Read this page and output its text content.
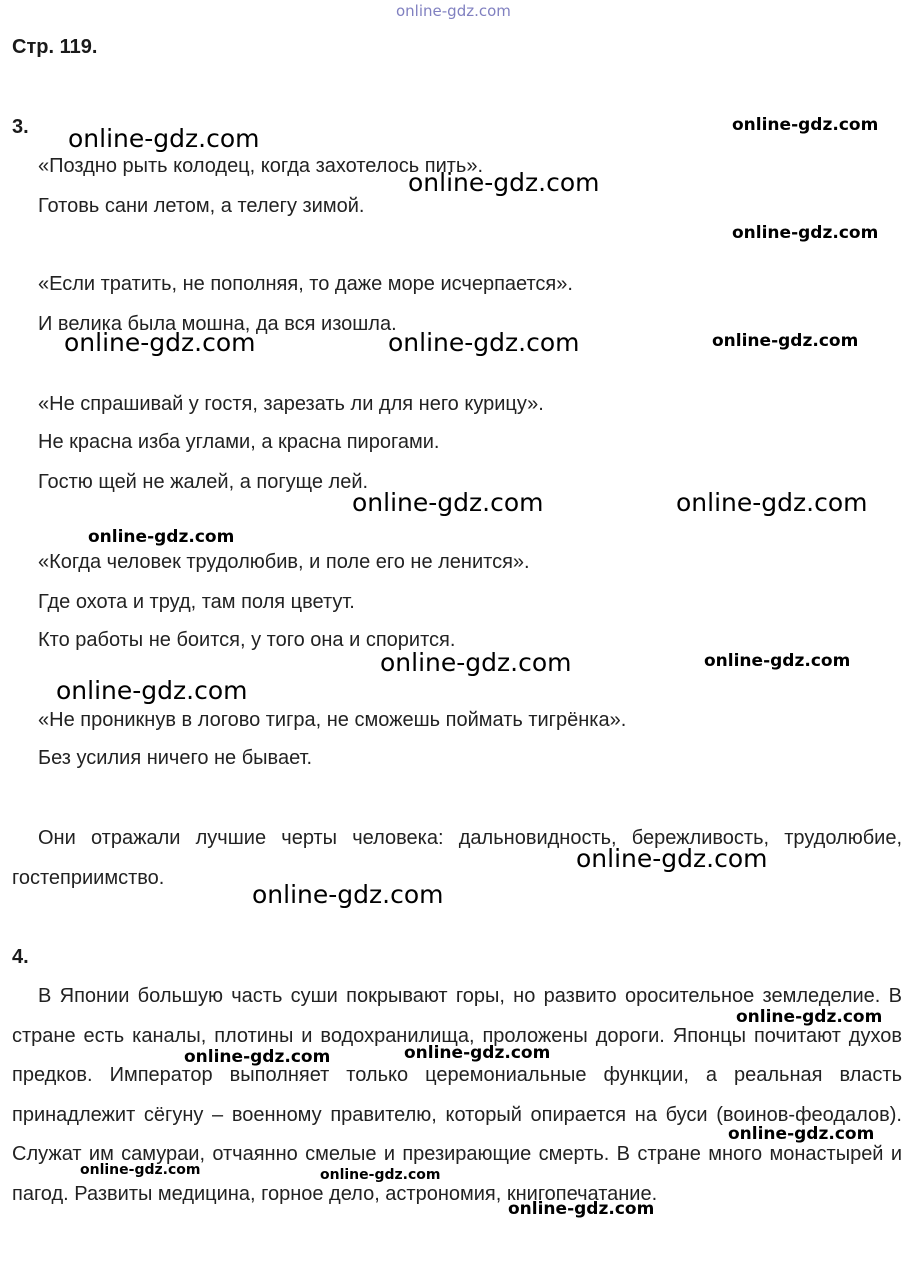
online-gdz.com
Стр. 119.
3.
«Поздно рыть колодец, когда захотелось пить».
Готовь сани летом, а телегу зимой.
«Если тратить, не пополняя, то даже море исчерпается».
И велика была мошна, да вся изошла.
«Не спрашивай у гостя, зарезать ли для него курицу».
Не красна изба углами, а красна пирогами.
Гостю щей не жалей, а погуще лей.
«Когда человек трудолюбив, и поле его не ленится».
Где охота и труд, там поля цветут.
Кто работы не боится, у того она и спорится.
«Не проникнув в логово тигра, не сможешь поймать тигрёнка».
Без усилия ничего не бывает.
Они отражали лучшие черты человека: дальновидность, бережливость, трудолюбие, гостеприимство.
4.
В Японии большую часть суши покрывают горы, но развито оросительное земледелие. В стране есть каналы, плотины и водохранилища, проложены дороги. Японцы почитают духов предков. Император выполняет только церемониальные функции, а реальная власть принадлежит сёгуну – военному правителю, который опирается на буси (воинов-феодалов). Служат им самураи, отчаянно смелые и презирающие смерть. В стране много монастырей и пагод. Развиты медицина, горное дело, астрономия, книгопечатание.
online-gdz.com	online-gdz.com
online-gdz.com
online-gdz.com
online-gdz.com	online-gdz.com	online-gdz.com
online-gdz.com	online-gdz.com
online-gdz.com
online-gdz.com	online-gdz.com
online-gdz.com
online-gdz.com
online-gdz.com
online-gdz.com
online-gdz.com
online-gdz.com
online-gdz.com
online-gdz.com	online-gdz.com
online-gdz.com
